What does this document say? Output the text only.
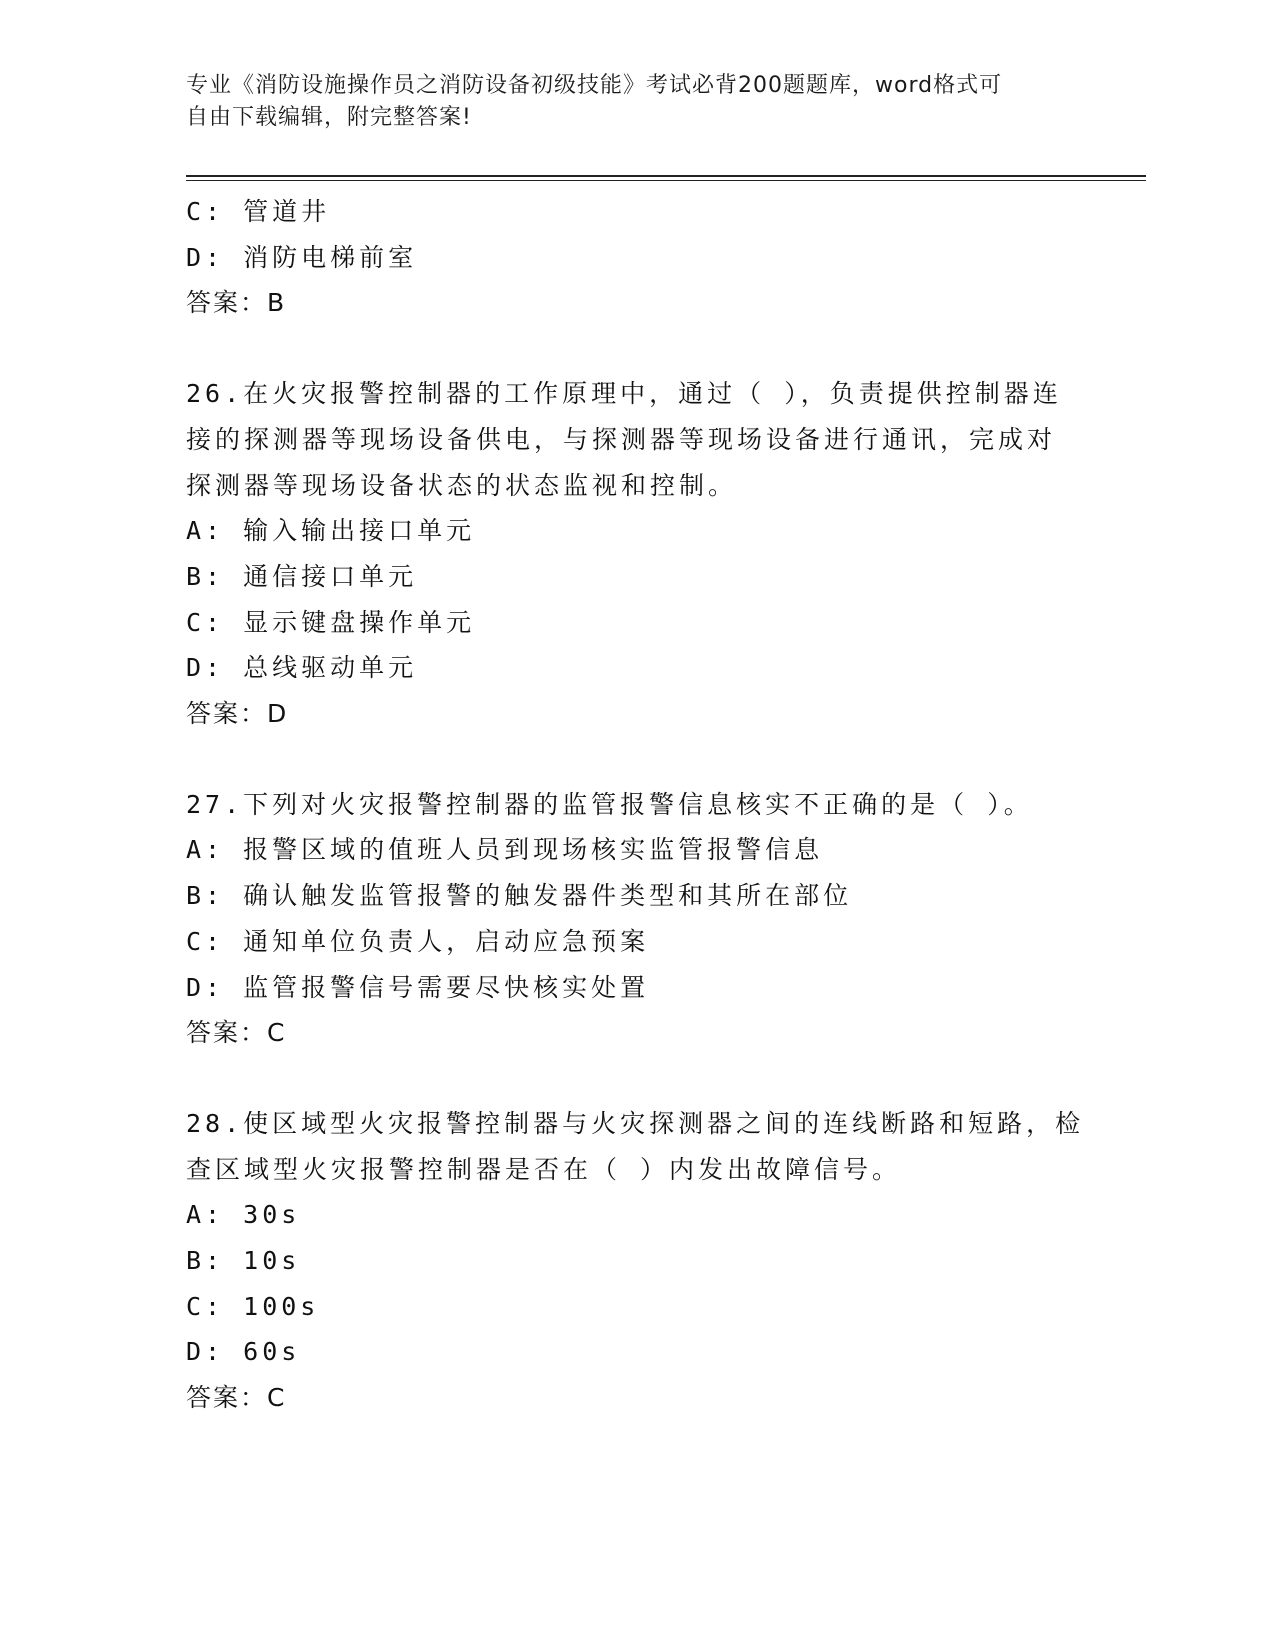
专业《消防设施操作员之消防设备初级技能》考试必背200题题库，word格式可
自由下载编辑，附完整答案!

C: 管道井

D: 消防电梯前室

答案：B

26.在火灾报警控制器的工作原理中，通过（ ），负责提供控制器连

接的探测器等现场设备供电，与探测器等现场设备进行通讯，完成对

探测器等现场设备状态的状态监视和控制。

A: 输入输出接口单元

B: 通信接口单元

C: 显示键盘操作单元

D: 总线驱动单元

答案：D

27.下列对火灾报警控制器的监管报警信息核实不正确的是（ ）。

A: 报警区域的值班人员到现场核实监管报警信息

B: 确认触发监管报警的触发器件类型和其所在部位

C: 通知单位负责人，启动应急预案

D: 监管报警信号需要尽快核实处置

答案：C

28.使区域型火灾报警控制器与火灾探测器之间的连线断路和短路，检

查区域型火灾报警控制器是否在（ ）内发出故障信号。

A: 30s

B: 10s

C: 100s

D: 60s

答案：C
